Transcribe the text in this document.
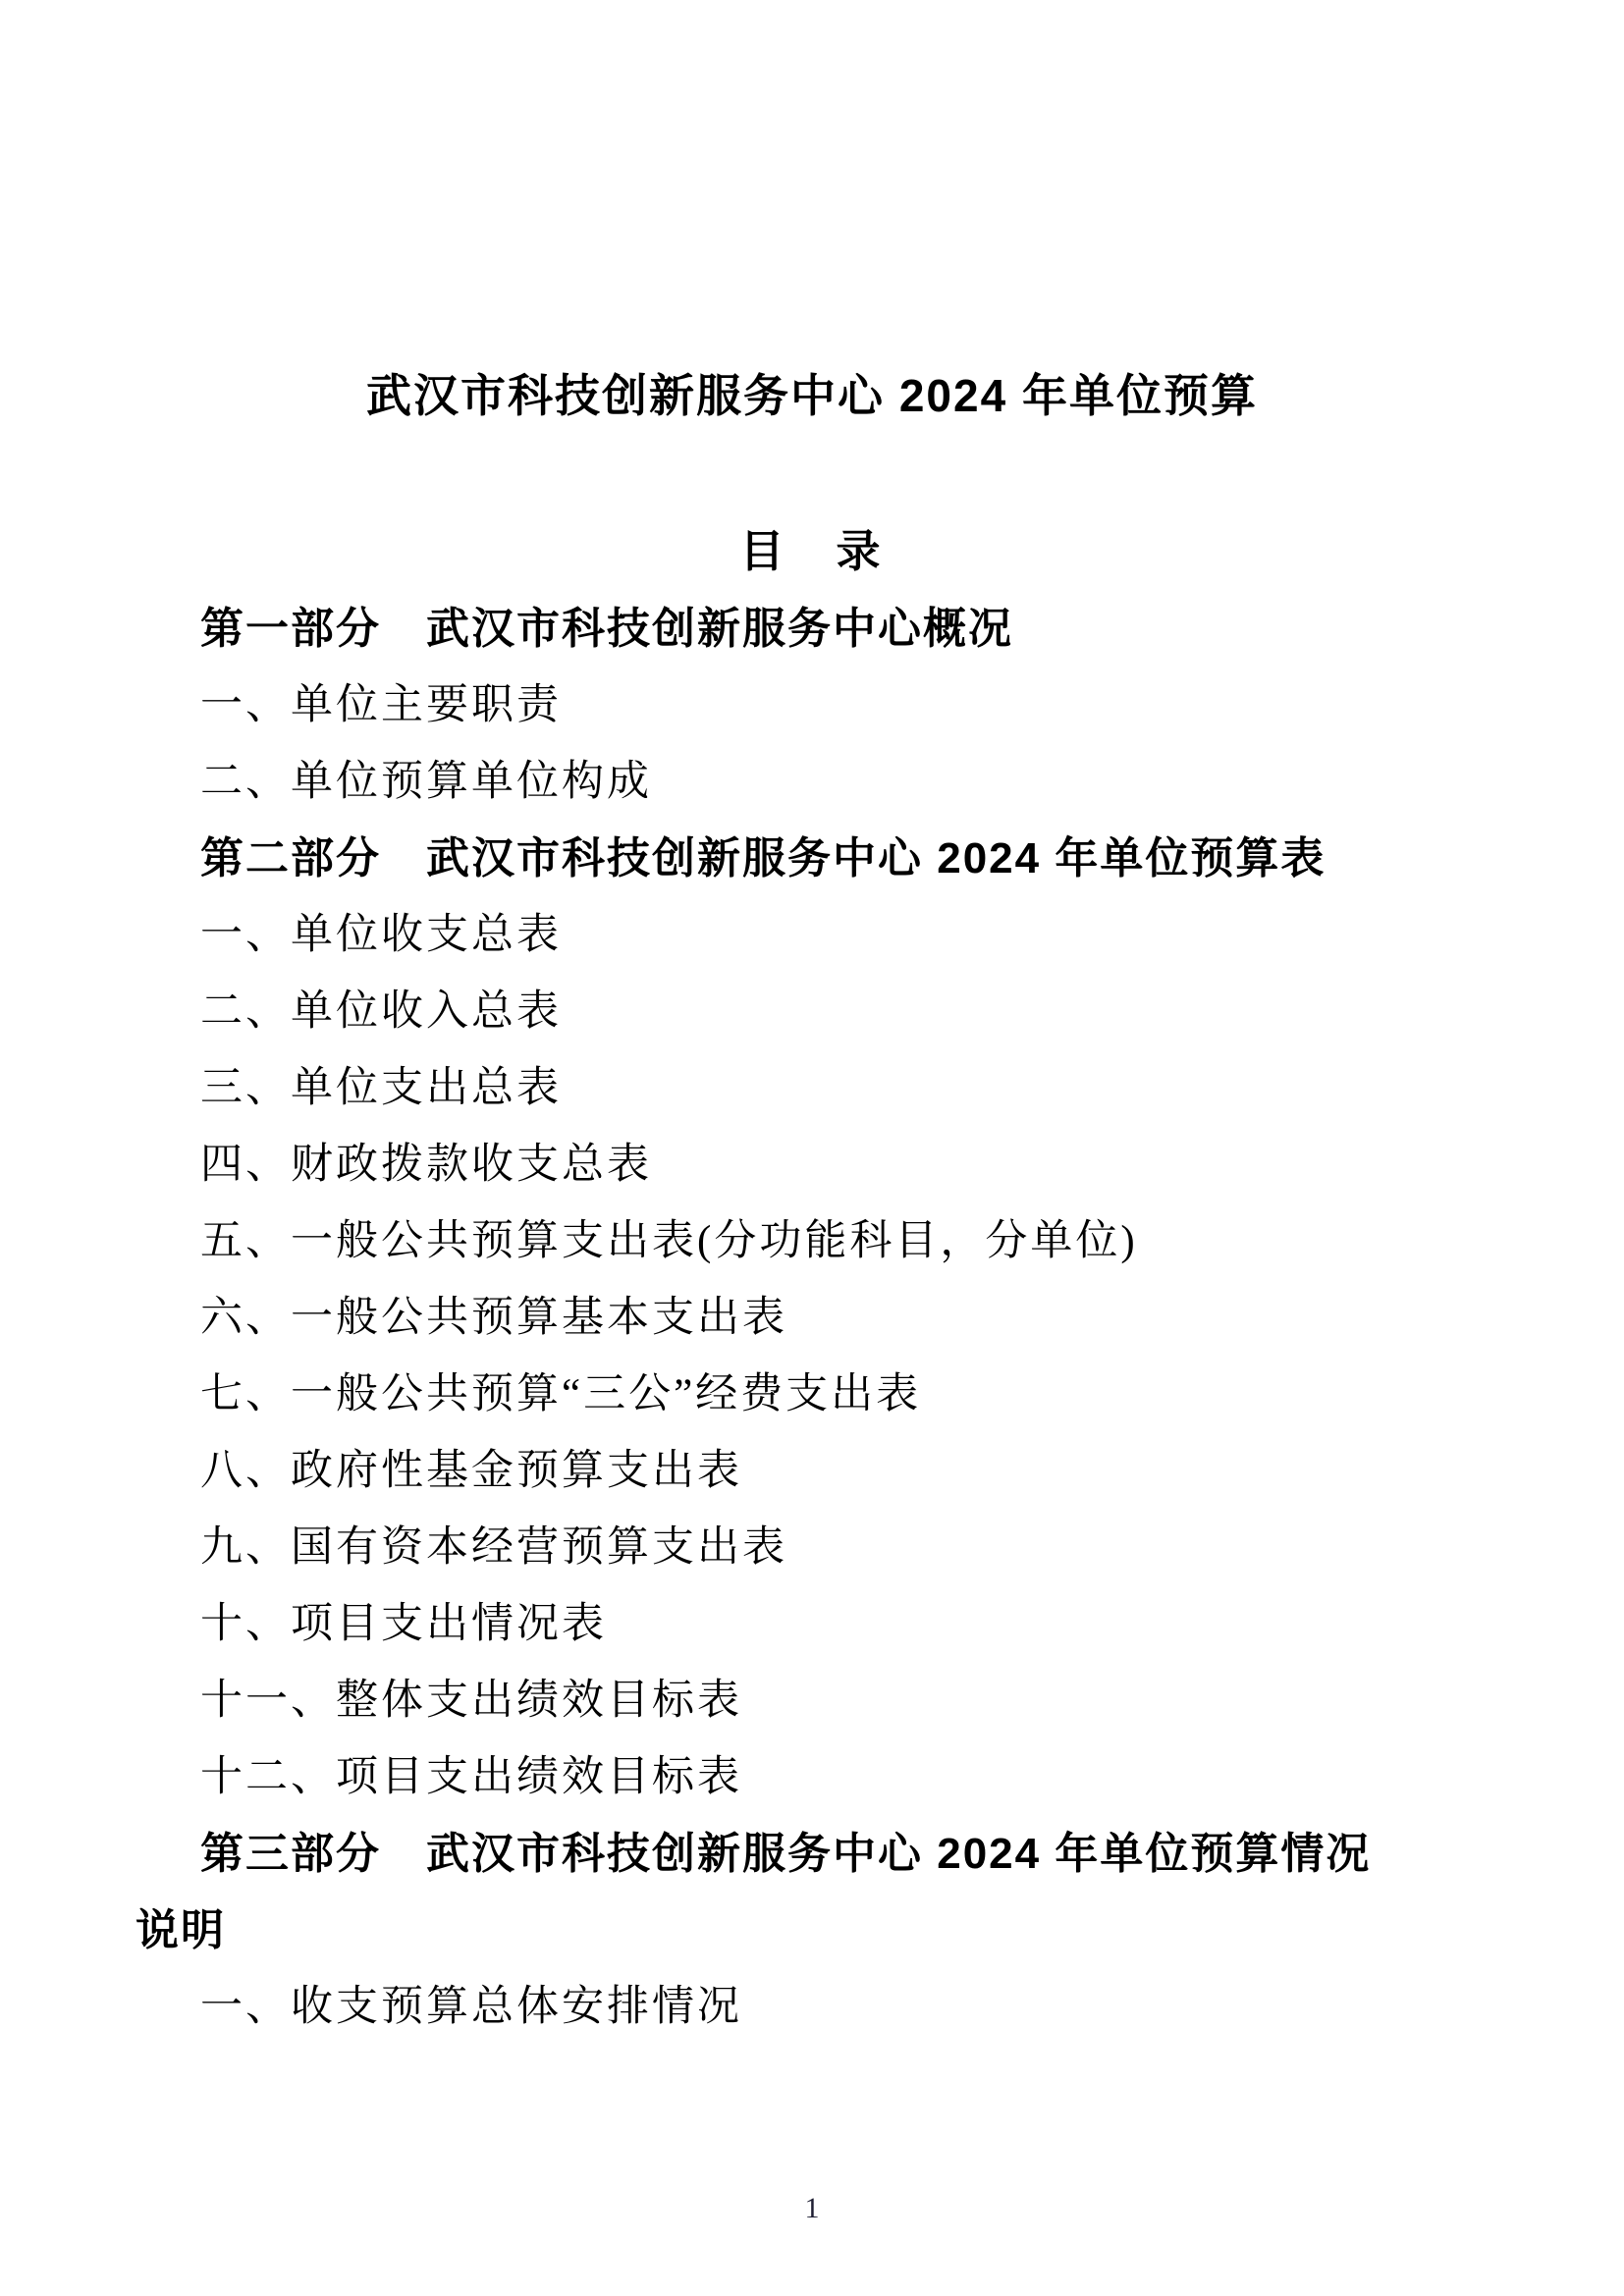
武汉市科技创新服务中心 2024 年单位预算
目　录

第一部分　武汉市科技创新服务中心概况

一、单位主要职责

二、单位预算单位构成

第二部分　武汉市科技创新服务中心 2024 年单位预算表

一、单位收支总表

二、单位收入总表

三、单位支出总表

四、财政拨款收支总表

五、一般公共预算支出表(分功能科目，分单位)

六、一般公共预算基本支出表

七、一般公共预算“三公”经费支出表

八、政府性基金预算支出表

九、国有资本经营预算支出表

十、项目支出情况表

十一、整体支出绩效目标表

十二、项目支出绩效目标表

第三部分　武汉市科技创新服务中心 2024 年单位预算情况
说明

一、收支预算总体安排情况

1
